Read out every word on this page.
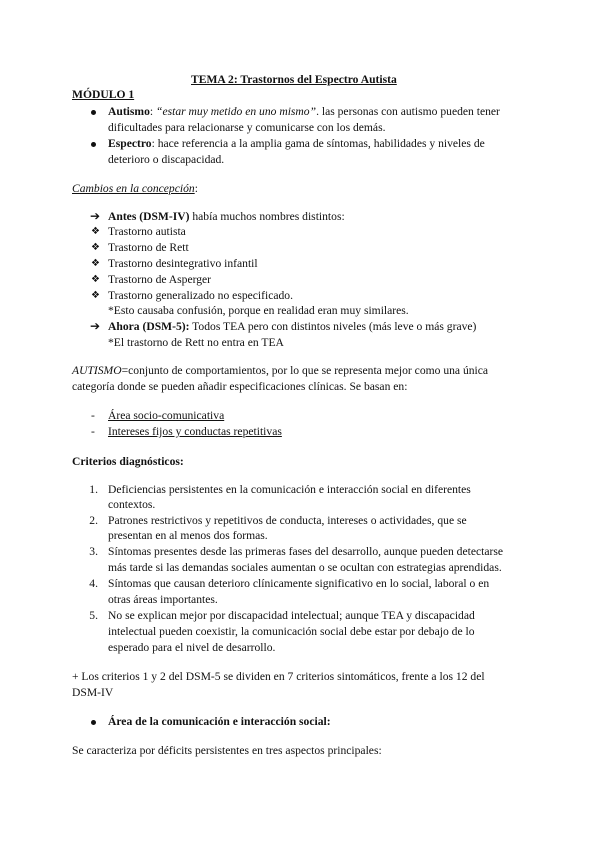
TEMA 2: Trastornos del Espectro Autista
MÓDULO 1
Autismo: “estar muy metido en uno mismo”. las personas con autismo pueden tener
dificultades para relacionarse y comunicarse con los demás.
Espectro: hace referencia a la amplia gama de síntomas, habilidades y niveles de
deterioro o discapacidad.
Cambios en la concepción:
➔ Antes (DSM-IV) había muchos nombres distintos:
❖ Trastorno autista
❖ Trastorno de Rett
❖ Trastorno desintegrativo infantil
❖ Trastorno de Asperger
❖ Trastorno generalizado no especificado.
*Esto causaba confusión, porque en realidad eran muy similares.
➔ Ahora (DSM-5): Todos TEA pero con distintos niveles (más leve o más grave)
*El trastorno de Rett no entra en TEA
AUTISMO=conjunto de comportamientos, por lo que se representa mejor como una única
categoría donde se pueden añadir especificaciones clínicas. Se basan en:
- Área socio-comunicativa
- Intereses fijos y conductas repetitivas
Criterios diagnósticos:
1. Deficiencias persistentes en la comunicación e interacción social en diferentes
contextos.
2. Patrones restrictivos y repetitivos de conducta, intereses o actividades, que se
presentan en al menos dos formas.
3. Síntomas presentes desde las primeras fases del desarrollo, aunque pueden detectarse
más tarde si las demandas sociales aumentan o se ocultan con estrategias aprendidas.
4. Síntomas que causan deterioro clínicamente significativo en lo social, laboral o en
otras áreas importantes.
5. No se explican mejor por discapacidad intelectual; aunque TEA y discapacidad
intelectual pueden coexistir, la comunicación social debe estar por debajo de lo
esperado para el nivel de desarrollo.
+ Los criterios 1 y 2 del DSM-5 se dividen en 7 criterios sintomáticos, frente a los 12 del
DSM-IV
Área de la comunicación e interacción social:
Se caracteriza por déficits persistentes en tres aspectos principales:
